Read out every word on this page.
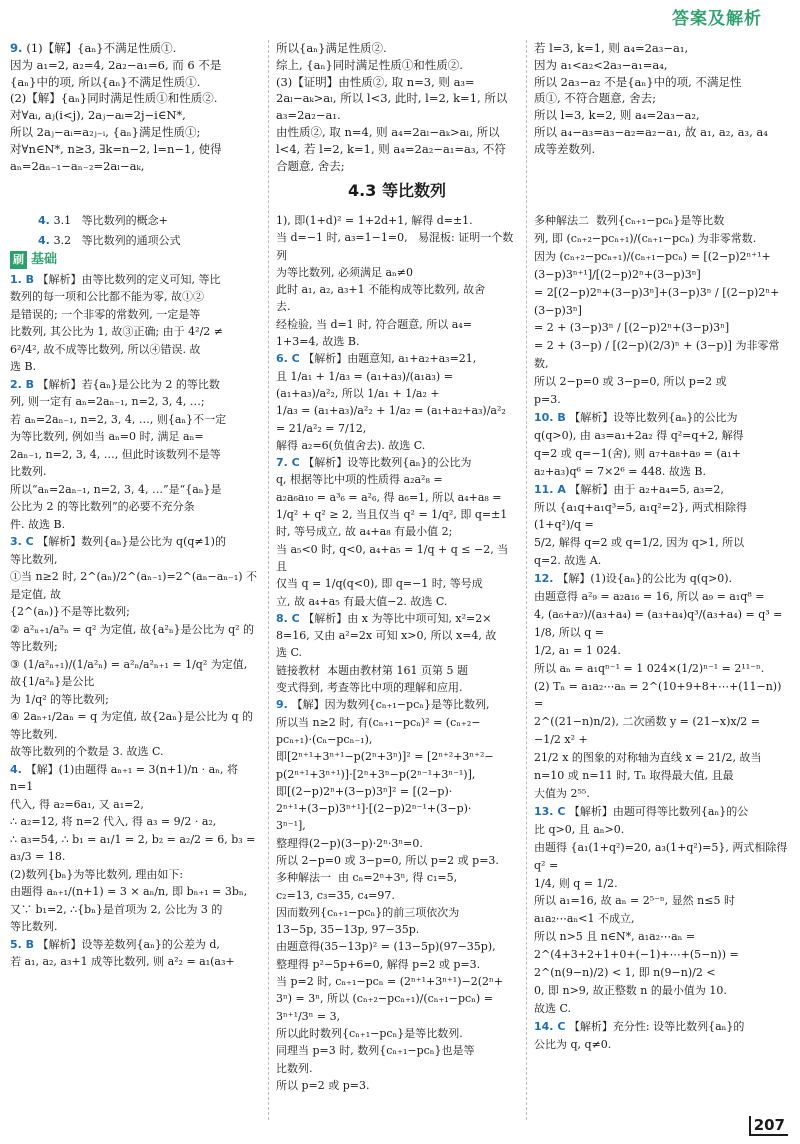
答案及解析

9. (1)【解】{aₙ}不满足性质①.

因为 a₁=2, a₂=4, 2a₂−a₁=6, 而 6 不是

{aₙ}中的项, 所以{aₙ}不满足性质①.

(2)【解】{aₙ}同时满足性质①和性质②.

对∀aᵢ, aⱼ(i<j), 2aⱼ−aᵢ=2j−i∈N*,

所以 2aⱼ−aᵢ=a₂ⱼ₋ᵢ, {aₙ}满足性质①;

对∀n∈N*, n≥3, ∃k=n−2, l=n−1, 使得

aₙ=2aₙ₋₁−aₙ₋₂=2aₗ−aₖ,

所以{aₙ}满足性质②.

综上, {aₙ}同时满足性质①和性质②.

(3)【证明】由性质②, 取 n=3, 则 a₃=

2aₗ−aₖ>aₗ, 所以 l<3, 此时, l=2, k=1, 所以

a₃=2a₂−a₁.

由性质②, 取 n=4, 则 a₄=2aₗ−aₖ>aₗ, 所以

l<4, 若 l=2, k=1, 则 a₄=2a₂−a₁=a₃, 不符

合题意, 舍去;

若 l=3, k=1, 则 a₄=2a₃−a₁,

因为 a₁<a₂<2a₃−a₁=a₄,

所以 2a₃−a₂ 不是{aₙ}中的项, 不满足性

质①, 不符合题意, 舍去;

所以 l=3, k=2, 则 a₄=2a₃−a₂,

所以 a₄−a₃=a₃−a₂=a₂−a₁, 故 a₁, a₂, a₃, a₄

成等差数列.

4.3 等比数列

4. 3.1   等比数列的概念+

4. 3.2   等比数列的通项公式

刷 基础

1. B 【解析】由等比数列的定义可知, 等比

数列的每一项和公比都不能为零, 故①②

是错误的; 一个非零的常数列, 一定是等

比数列, 其公比为 1, 故③正确; 由于 4²/2 ≠

6²/4², 故不成等比数列, 所以④错误. 故

选 B.

2. B 【解析】若{aₙ}是公比为 2 的等比数

列, 则一定有 aₙ=2aₙ₋₁, n=2, 3, 4, …;

若 aₙ=2aₙ₋₁, n=2, 3, 4, …, 则{aₙ}不一定

为等比数列, 例如当 aₙ=0 时, 满足 aₙ=

2aₙ₋₁, n=2, 3, 4, …, 但此时该数列不是等

比数列.

所以“aₙ=2aₙ₋₁, n=2, 3, 4, …”是“{aₙ}是

公比为 2 的等比数列”的必要不充分条

件. 故选 B.

3. C 【解析】数列{aₙ}是公比为 q(q≠1)的

等比数列,

①当 n≥2 时, 2^(aₙ)/2^(aₙ₋₁)=2^(aₙ−aₙ₋₁) 不是定值, 故

{2^(aₙ)}不是等比数列;

② a²ₙ₊₁/a²ₙ = q² 为定值, 故{a²ₙ}是公比为 q² 的

等比数列;

③ (1/a²ₙ₊₁)/(1/a²ₙ) = a²ₙ/a²ₙ₊₁ = 1/q² 为定值, 故{1/a²ₙ}是公比

为 1/q² 的等比数列;

④ 2aₙ₊₁/2aₙ = q 为定值, 故{2aₙ}是公比为 q 的

等比数列.

故等比数列的个数是 3. 故选 C.

4. 【解】(1)由题得 aₙ₊₁ = 3(n+1)/n · aₙ, 将 n=1

代入, 得 a₂=6a₁, 又 a₁=2,

∴ a₂=12, 将 n=2 代入, 得 a₃ = 9/2 · a₂,

∴ a₃=54, ∴ b₁ = a₁/1 = 2, b₂ = a₂/2 = 6, b₃ =

a₃/3 = 18.

(2)数列{bₙ}为等比数列, 理由如下:

由题得 aₙ₊₁/(n+1) = 3 × aₙ/n, 即 bₙ₊₁ = 3bₙ,

又∵ b₁=2, ∴{bₙ}是首项为 2, 公比为 3 的

等比数列.

5. B 【解析】设等差数列{aₙ}的公差为 d,

若 a₁, a₂, a₃+1 成等比数列, 则 a²₂ = a₁(a₃+

1), 即(1+d)² = 1+2d+1, 解得 d=±1.

当 d=−1 时, a₃=1−1=0,   易混板: 证明一个数列

为等比数列, 必须满足 aₙ≠0

此时 a₁, a₂, a₃+1 不能构成等比数列, 故舍

去.

经检验, 当 d=1 时, 符合题意, 所以 a₄=

1+3=4, 故选 B.

6. C 【解析】由题意知, a₁+a₂+a₃=21,

且 1/a₁ + 1/a₃ = (a₁+a₃)/(a₁a₃) = (a₁+a₃)/a²₂, 所以 1/a₁ + 1/a₂ +

1/a₃ = (a₁+a₃)/a²₂ + 1/a₂ = (a₁+a₂+a₃)/a²₂ = 21/a²₂ = 7/12,

解得 a₂=6(负值舍去). 故选 C.

7. C 【解析】设等比数列{aₙ}的公比为

q, 根据等比中项的性质得 a₂a²₈ =

a₂a₆a₁₀ = a³₆ = a²₆, 得 a₆=1, 所以 a₄+a₈ =

1/q² + q² ≥ 2, 当且仅当 q² = 1/q², 即 q=±1

时, 等号成立, 故 a₄+a₈ 有最小值 2;

当 a₅<0 时, q<0, a₄+a₅ = 1/q + q ≤ −2, 当且

仅当 q = 1/q(q<0), 即 q=−1 时, 等号成

立, 故 a₄+a₅ 有最大值−2. 故选 C.

8. C 【解析】由 x 为等比中项可知, x²=2×

8=16, 又由 a²=2x 可知 x>0, 所以 x=4, 故

选 C.

链接教材  本题由教材第 161 页第 5 题

变式得到, 考查等比中项的理解和应用.

9. 【解】因为数列{cₙ₊₁−pcₙ}是等比数列,

所以当 n≥2 时, 有(cₙ₊₁−pcₙ)² = (cₙ₊₂−

pcₙ₊₁)·(cₙ−pcₙ₋₁),

即[2ⁿ⁺¹+3ⁿ⁺¹−p(2ⁿ+3ⁿ)]² = [2ⁿ⁺²+3ⁿ⁺²−

p(2ⁿ⁺¹+3ⁿ⁺¹)]·[2ⁿ+3ⁿ−p(2ⁿ⁻¹+3ⁿ⁻¹)],

即[(2−p)2ⁿ+(3−p)3ⁿ]² = [(2−p)·

2ⁿ⁺¹+(3−p)3ⁿ⁺¹]·[(2−p)2ⁿ⁻¹+(3−p)·

3ⁿ⁻¹],

整理得(2−p)(3−p)·2ⁿ·3ⁿ=0.

所以 2−p=0 或 3−p=0, 所以 p=2 或 p=3.

多种解法一  由 cₙ=2ⁿ+3ⁿ, 得 c₁=5,

c₂=13, c₃=35, c₄=97.

因而数列{cₙ₊₁−pcₙ}的前三项依次为

13−5p, 35−13p, 97−35p.

由题意得(35−13p)² = (13−5p)(97−35p),

整理得 p²−5p+6=0, 解得 p=2 或 p=3.

当 p=2 时, cₙ₊₁−pcₙ = (2ⁿ⁺¹+3ⁿ⁺¹)−2(2ⁿ+

3ⁿ) = 3ⁿ, 所以 (cₙ₊₂−pcₙ₊₁)/(cₙ₊₁−pcₙ) = 3ⁿ⁺¹/3ⁿ = 3,

所以此时数列{cₙ₊₁−pcₙ}是等比数列.

同理当 p=3 时, 数列{cₙ₊₁−pcₙ}也是等

比数列.

所以 p=2 或 p=3.

多种解法二  数列{cₙ₊₁−pcₙ}是等比数

列, 即 (cₙ₊₂−pcₙ₊₁)/(cₙ₊₁−pcₙ) 为非零常数.

因为 (cₙ₊₂−pcₙ₊₁)/(cₙ₊₁−pcₙ) = [(2−p)2ⁿ⁺¹+(3−p)3ⁿ⁺¹]/[(2−p)2ⁿ+(3−p)3ⁿ]

= 2[(2−p)2ⁿ+(3−p)3ⁿ]+(3−p)3ⁿ / [(2−p)2ⁿ+(3−p)3ⁿ]

= 2 + (3−p)3ⁿ / [(2−p)2ⁿ+(3−p)3ⁿ]

= 2 + (3−p) / [(2−p)(2/3)ⁿ + (3−p)] 为非零常数,

所以 2−p=0 或 3−p=0, 所以 p=2 或

p=3.

10. B 【解析】设等比数列{aₙ}的公比为

q(q>0), 由 a₃=a₁+2a₂ 得 q²=q+2, 解得

q=2 或 q=−1(舍), 则 a₇+a₈+a₉ = (a₁+

a₂+a₃)q⁶ = 7×2⁶ = 448. 故选 B.

11. A 【解析】由于 a₂+a₄=5, a₃=2,

所以 {a₁q+a₁q³=5, a₁q²=2}, 两式相除得 (1+q²)/q =

5/2, 解得 q=2 或 q=1/2, 因为 q>1, 所以

q=2. 故选 A.

12. 【解】(1)设{aₙ}的公比为 q(q>0).

由题意得 a²₉ = a₂a₁₆ = 16, 所以 a₉ = a₁q⁸ =

4, (a₆+a₇)/(a₃+a₄) = (a₃+a₄)q³/(a₃+a₄) = q³ = 1/8, 所以 q =

1/2, a₁ = 1 024.

所以 aₙ = a₁qⁿ⁻¹ = 1 024×(1/2)ⁿ⁻¹ = 2¹¹⁻ⁿ.

(2) Tₙ = a₁a₂⋯aₙ = 2^(10+9+8+⋯+(11−n)) =

2^((21−n)n/2), 二次函数 y = (21−x)x/2 = −1/2 x² +

21/2 x 的图象的对称轴为直线 x = 21/2, 故当

n=10 或 n=11 时, Tₙ 取得最大值, 且最

大值为 2⁵⁵.

13. C 【解析】由题可得等比数列{aₙ}的公

比 q>0, 且 aₙ>0.

由题得 {a₁(1+q²)=20, a₃(1+q²)=5}, 两式相除得 q² =

1/4, 则 q = 1/2.

所以 a₁=16, 故 aₙ = 2⁵⁻ⁿ, 显然 n≤5 时

a₁a₂⋯aₙ<1 不成立,

所以 n>5 且 n∈N*, a₁a₂⋯aₙ =

2^(4+3+2+1+0+(−1)+⋯+(5−n)) = 2^(n(9−n)/2) < 1, 即 n(9−n)/2 <

0, 即 n>9, 故正整数 n 的最小值为 10.

故选 C.

14. C 【解析】充分性: 设等比数列{aₙ}的

公比为 q, q≠0.

207
